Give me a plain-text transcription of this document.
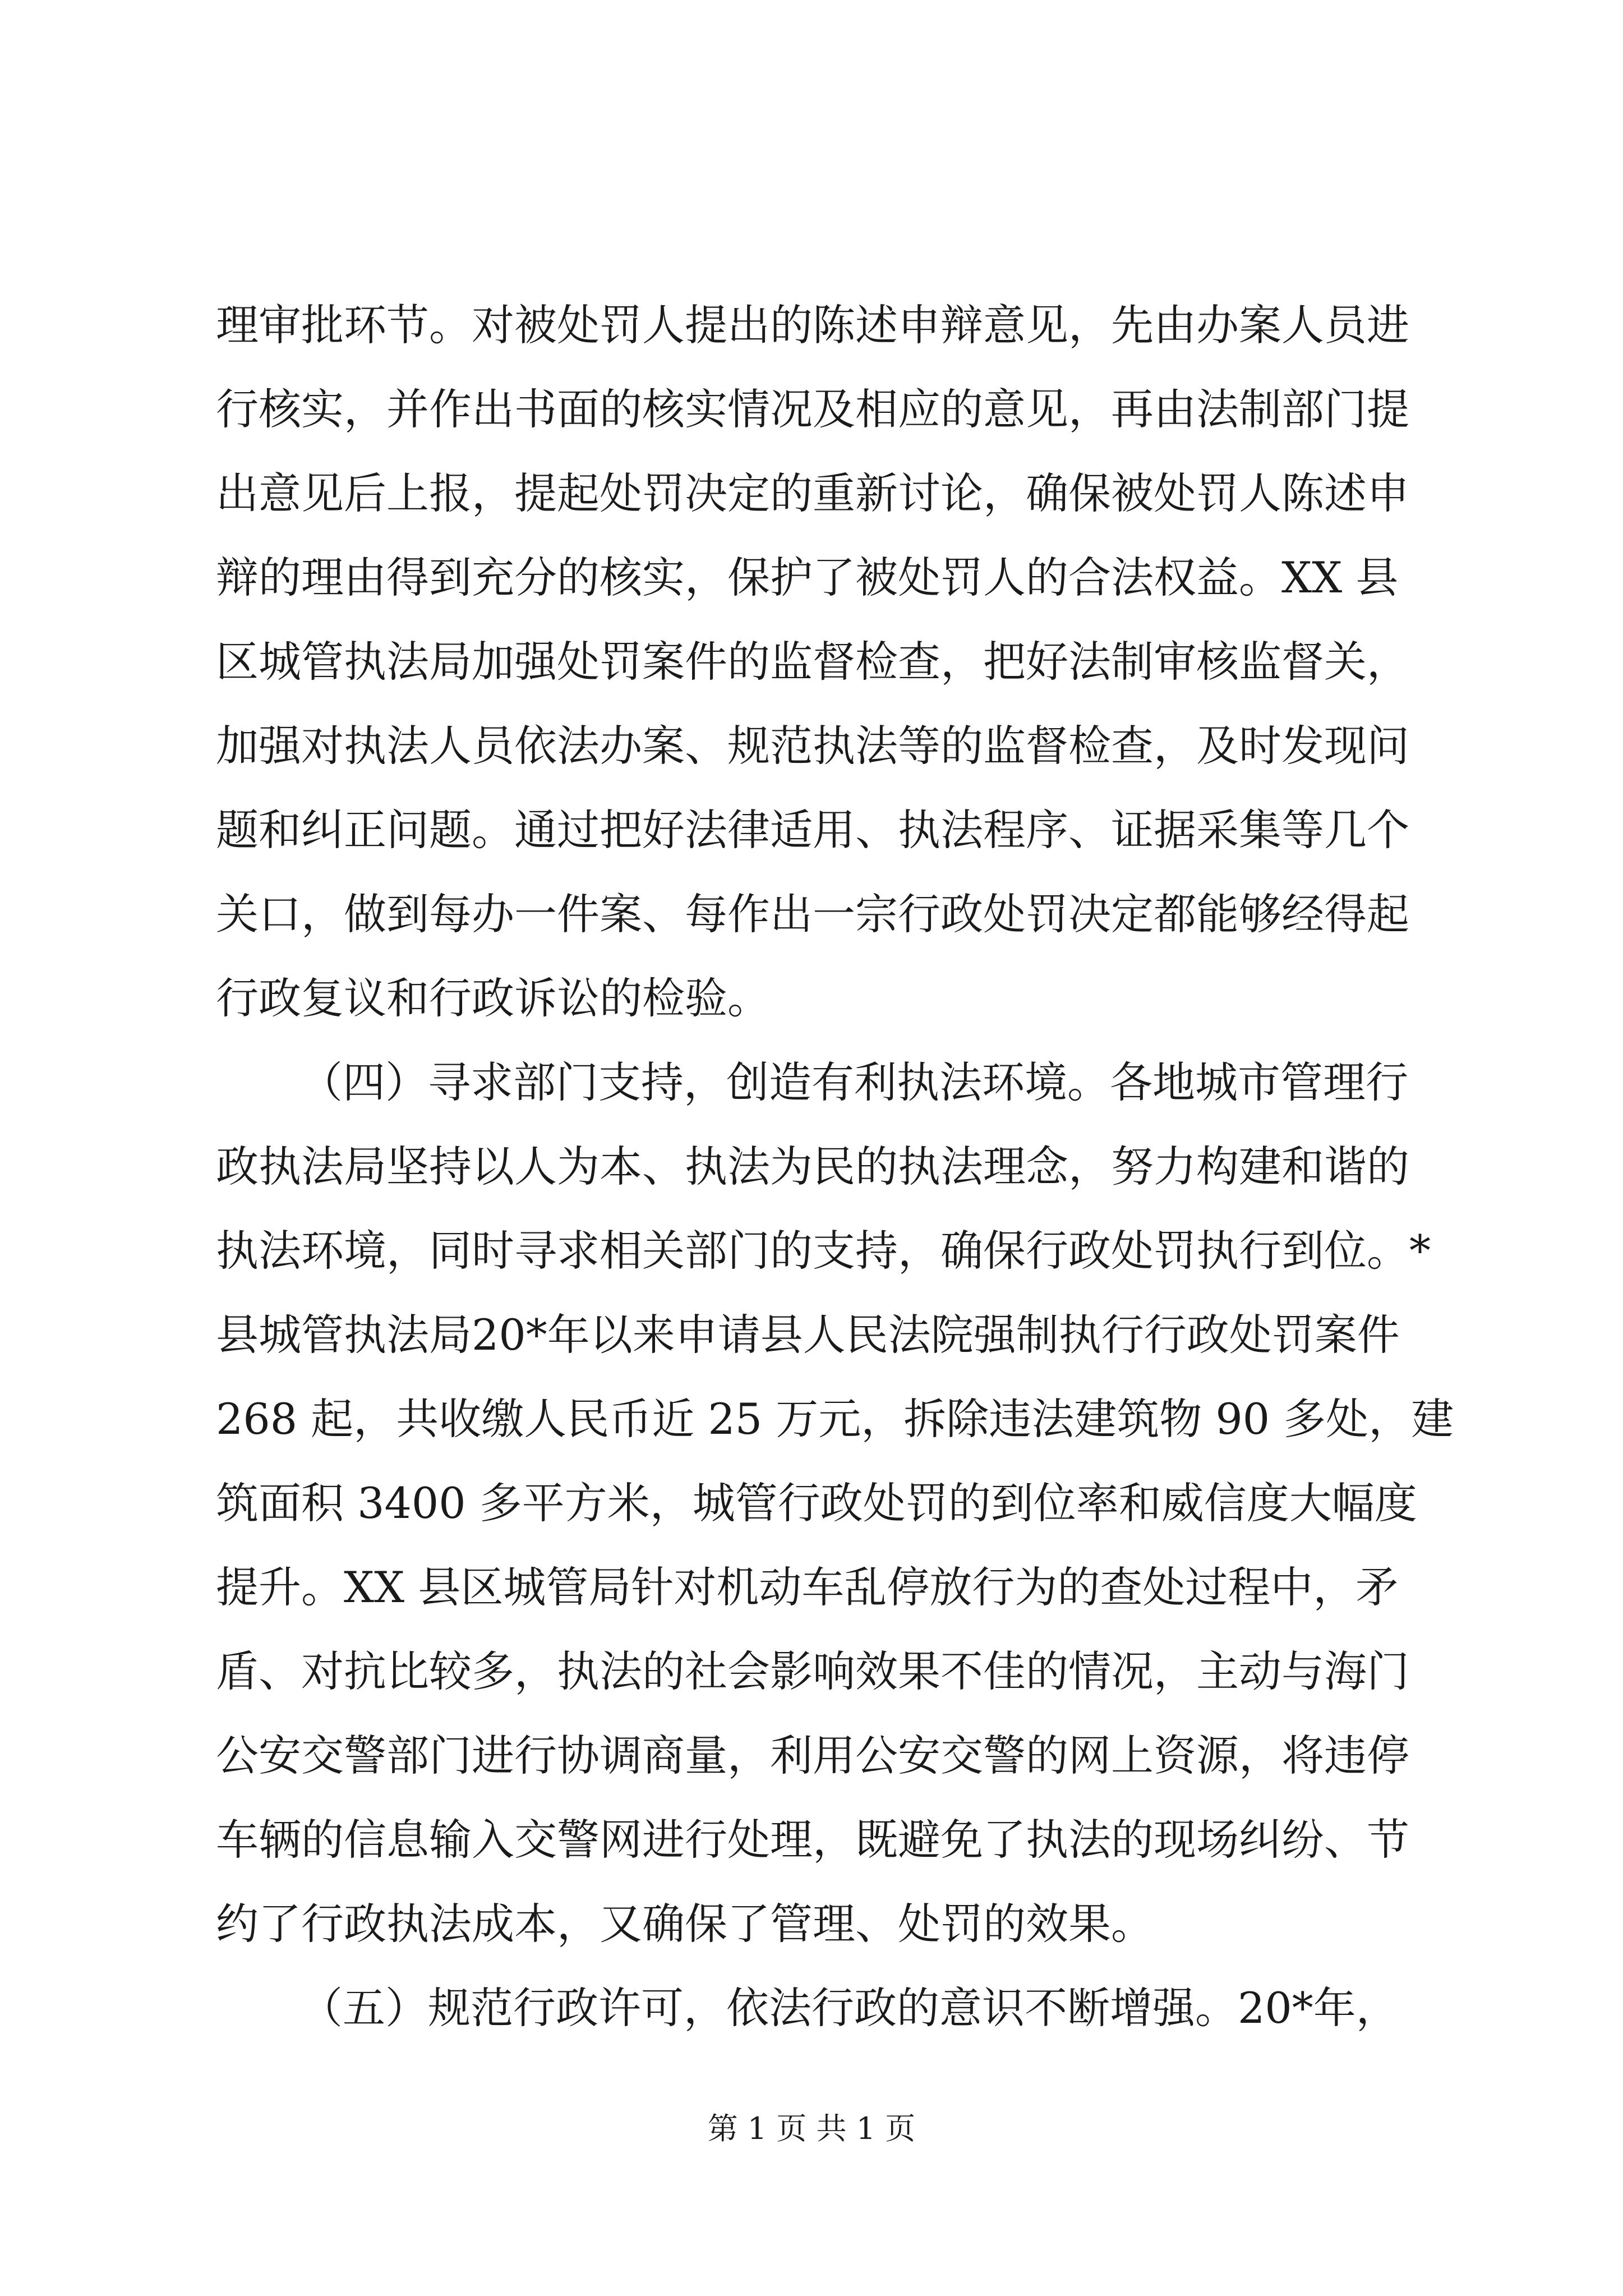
理审批环节。对被处罚人提出的陈述申辩意见，先由办案人员进
行核实，并作出书面的核实情况及相应的意见，再由法制部门提
出意见后上报，提起处罚决定的重新讨论，确保被处罚人陈述申
辩的理由得到充分的核实，保护了被处罚人的合法权益。XX 县
区城管执法局加强处罚案件的监督检查，把好法制审核监督关，
加强对执法人员依法办案、规范执法等的监督检查，及时发现问
题和纠正问题。通过把好法律适用、执法程序、证据采集等几个
关口，做到每办一件案、每作出一宗行政处罚决定都能够经得起
行政复议和行政诉讼的检验。
（四）寻求部门支持，创造有利执法环境。各地城市管理行
政执法局坚持以人为本、执法为民的执法理念，努力构建和谐的
执法环境，同时寻求相关部门的支持，确保行政处罚执行到位。*
县城管执法局20*年以来申请县人民法院强制执行行政处罚案件
268 起，共收缴人民币近 25 万元，拆除违法建筑物 90 多处，建
筑面积 3400 多平方米，城管行政处罚的到位率和威信度大幅度
提升。XX 县区城管局针对机动车乱停放行为的查处过程中，矛
盾、对抗比较多，执法的社会影响效果不佳的情况，主动与海门
公安交警部门进行协调商量，利用公安交警的网上资源，将违停
车辆的信息输入交警网进行处理，既避免了执法的现场纠纷、节
约了行政执法成本，又确保了管理、处罚的效果。
（五）规范行政许可，依法行政的意识不断增强。20*年，
第 1 页 共 1 页
